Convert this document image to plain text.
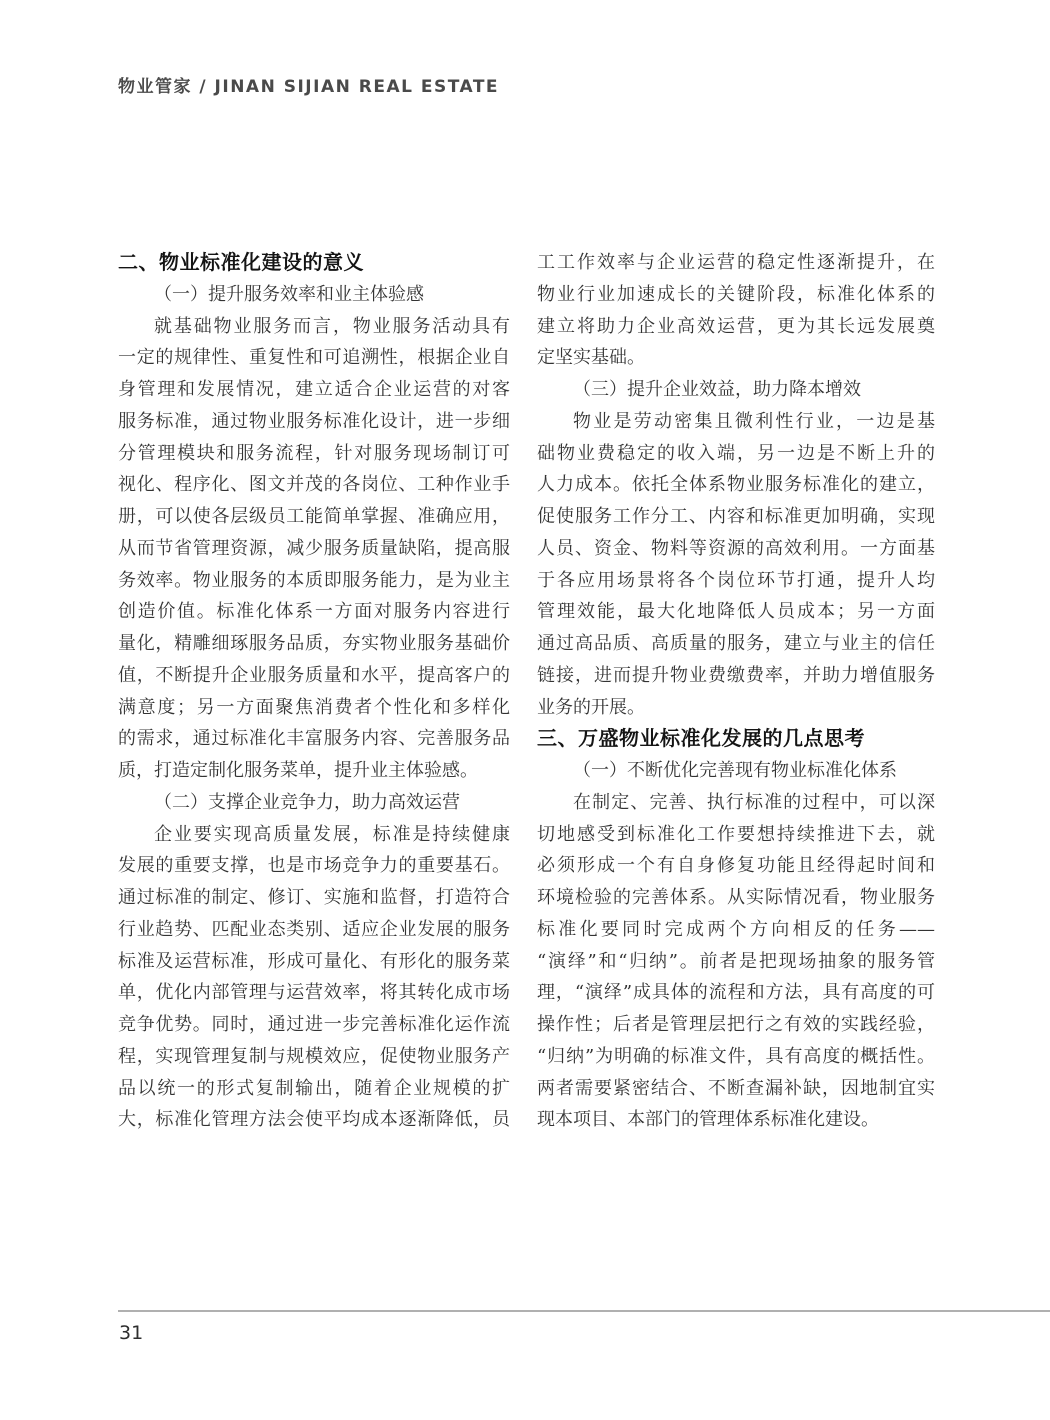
物业管家 / JINAN SIJIAN REAL ESTATE
二、物业标准化建设的意义
（一）提升服务效率和业主体验感
就基础物业服务而言，物业服务活动具有
一定的规律性、重复性和可追溯性，根据企业自
身管理和发展情况，建立适合企业运营的对客
服务标准，通过物业服务标准化设计，进一步细
分管理模块和服务流程，针对服务现场制订可
视化、程序化、图文并茂的各岗位、工种作业手
册，可以使各层级员工能简单掌握、准确应用，
从而节省管理资源，减少服务质量缺陷，提高服
务效率。物业服务的本质即服务能力，是为业主
创造价值。标准化体系一方面对服务内容进行
量化，精雕细琢服务品质，夯实物业服务基础价
值，不断提升企业服务质量和水平，提高客户的
满意度；另一方面聚焦消费者个性化和多样化
的需求，通过标准化丰富服务内容、完善服务品
质，打造定制化服务菜单，提升业主体验感。
（二）支撑企业竞争力，助力高效运营
企业要实现高质量发展，标准是持续健康
发展的重要支撑，也是市场竞争力的重要基石。
通过标准的制定、修订、实施和监督，打造符合
行业趋势、匹配业态类别、适应企业发展的服务
标准及运营标准，形成可量化、有形化的服务菜
单，优化内部管理与运营效率，将其转化成市场
竞争优势。同时，通过进一步完善标准化运作流
程，实现管理复制与规模效应，促使物业服务产
品以统一的形式复制输出，随着企业规模的扩
大，标准化管理方法会使平均成本逐渐降低，员
工工作效率与企业运营的稳定性逐渐提升，在
物业行业加速成长的关键阶段，标准化体系的
建立将助力企业高效运营，更为其长远发展奠
定坚实基础。
（三）提升企业效益，助力降本增效
物业是劳动密集且微利性行业，一边是基
础物业费稳定的收入端，另一边是不断上升的
人力成本。依托全体系物业服务标准化的建立，
促使服务工作分工、内容和标准更加明确，实现
人员、资金、物料等资源的高效利用。一方面基
于各应用场景将各个岗位环节打通，提升人均
管理效能，最大化地降低人员成本；另一方面
通过高品质、高质量的服务，建立与业主的信任
链接，进而提升物业费缴费率，并助力增值服务
业务的开展。
三、万盛物业标准化发展的几点思考
（一）不断优化完善现有物业标准化体系
在制定、完善、执行标准的过程中，可以深
切地感受到标准化工作要想持续推进下去，就
必须形成一个有自身修复功能且经得起时间和
环境检验的完善体系。从实际情况看，物业服务
标准化要同时完成两个方向相反的任务——
“演绎”和“归纳”。前者是把现场抽象的服务管
理，“演绎”成具体的流程和方法，具有高度的可
操作性；后者是管理层把行之有效的实践经验，
“归纳”为明确的标准文件，具有高度的概括性。
两者需要紧密结合、不断查漏补缺，因地制宜实
现本项目、本部门的管理体系标准化建设。
31
